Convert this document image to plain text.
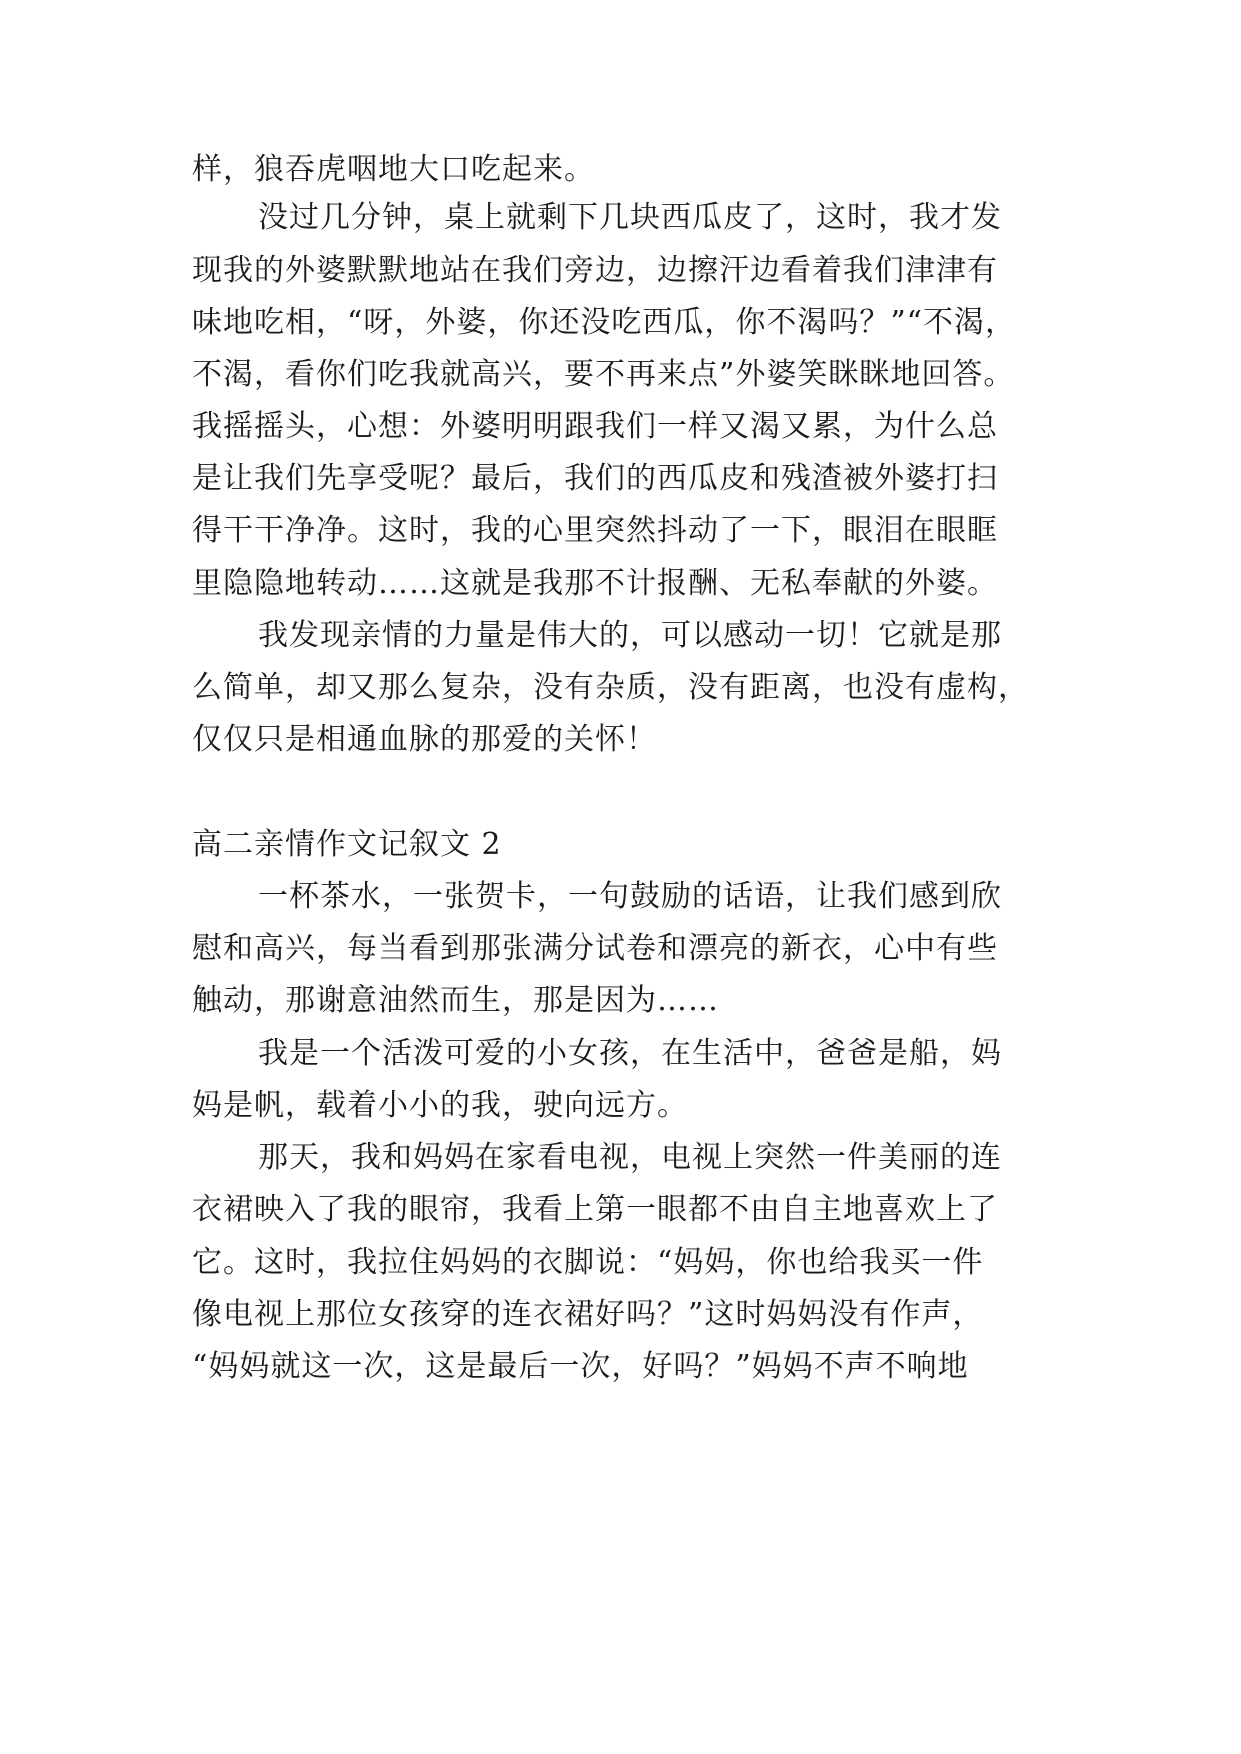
样，狼吞虎咽地大口吃起来。
没过几分钟，桌上就剩下几块西瓜皮了，这时，我才发
现我的外婆默默地站在我们旁边，边擦汗边看着我们津津有
味地吃相，“呀，外婆，你还没吃西瓜，你不渴吗？”“不渴，
不渴，看你们吃我就高兴，要不再来点”外婆笑眯眯地回答。
我摇摇头，心想：外婆明明跟我们一样又渴又累，为什么总
是让我们先享受呢？最后，我们的西瓜皮和残渣被外婆打扫
得干干净净。这时，我的心里突然抖动了一下，眼泪在眼眶
里隐隐地转动……这就是我那不计报酬、无私奉献的外婆。
我发现亲情的力量是伟大的，可以感动一切！它就是那
么简单，却又那么复杂，没有杂质，没有距离，也没有虚构，
仅仅只是相通血脉的那爱的关怀！
高二亲情作文记叙文 2
一杯茶水，一张贺卡，一句鼓励的话语，让我们感到欣
慰和高兴，每当看到那张满分试卷和漂亮的新衣，心中有些
触动，那谢意油然而生，那是因为……
我是一个活泼可爱的小女孩，在生活中，爸爸是船，妈
妈是帆，载着小小的我，驶向远方。
那天，我和妈妈在家看电视，电视上突然一件美丽的连
衣裙映入了我的眼帘，我看上第一眼都不由自主地喜欢上了
它。这时，我拉住妈妈的衣脚说：“妈妈，你也给我买一件
像电视上那位女孩穿的连衣裙好吗？”这时妈妈没有作声，
“妈妈就这一次，这是最后一次，好吗？”妈妈不声不响地
